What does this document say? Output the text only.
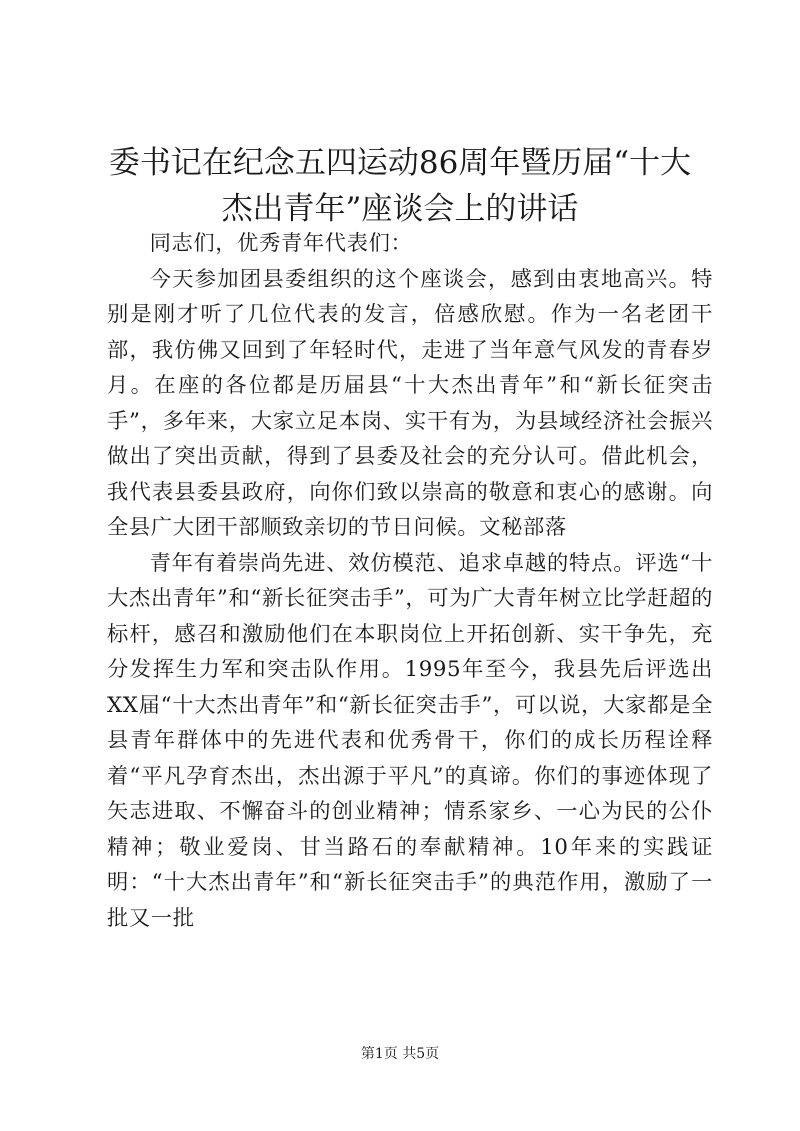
委书记在纪念五四运动86周年暨历届“十大
杰出青年”座谈会上的讲话

同志们，优秀青年代表们：

今天参加团县委组织的这个座谈会，感到由衷地高兴。特别是刚才听了几位代表的发言，倍感欣慰。作为一名老团干部，我仿佛又回到了年轻时代，走进了当年意气风发的青春岁月。在座的各位都是历届县“十大杰出青年”和“新长征突击手”，多年来，大家立足本岗、实干有为，为县域经济社会振兴做出了突出贡献，得到了县委及社会的充分认可。借此机会，我代表县委县政府，向你们致以崇高的敬意和衷心的感谢。向全县广大团干部顺致亲切的节日问候。文秘部落

青年有着崇尚先进、效仿模范、追求卓越的特点。评选“十大杰出青年”和“新长征突击手”，可为广大青年树立比学赶超的标杆，感召和激励他们在本职岗位上开拓创新、实干争先，充分发挥生力军和突击队作用。1995年至今，我县先后评选出XX届“十大杰出青年”和“新长征突击手”，可以说，大家都是全县青年群体中的先进代表和优秀骨干，你们的成长历程诠释着“平凡孕育杰出，杰出源于平凡”的真谛。你们的事迹体现了矢志进取、不懈奋斗的创业精神；情系家乡、一心为民的公仆精神；敬业爱岗、甘当路石的奉献精神。10年来的实践证明：“十大杰出青年”和“新长征突击手”的典范作用，激励了一批又一批

第1页 共5页
